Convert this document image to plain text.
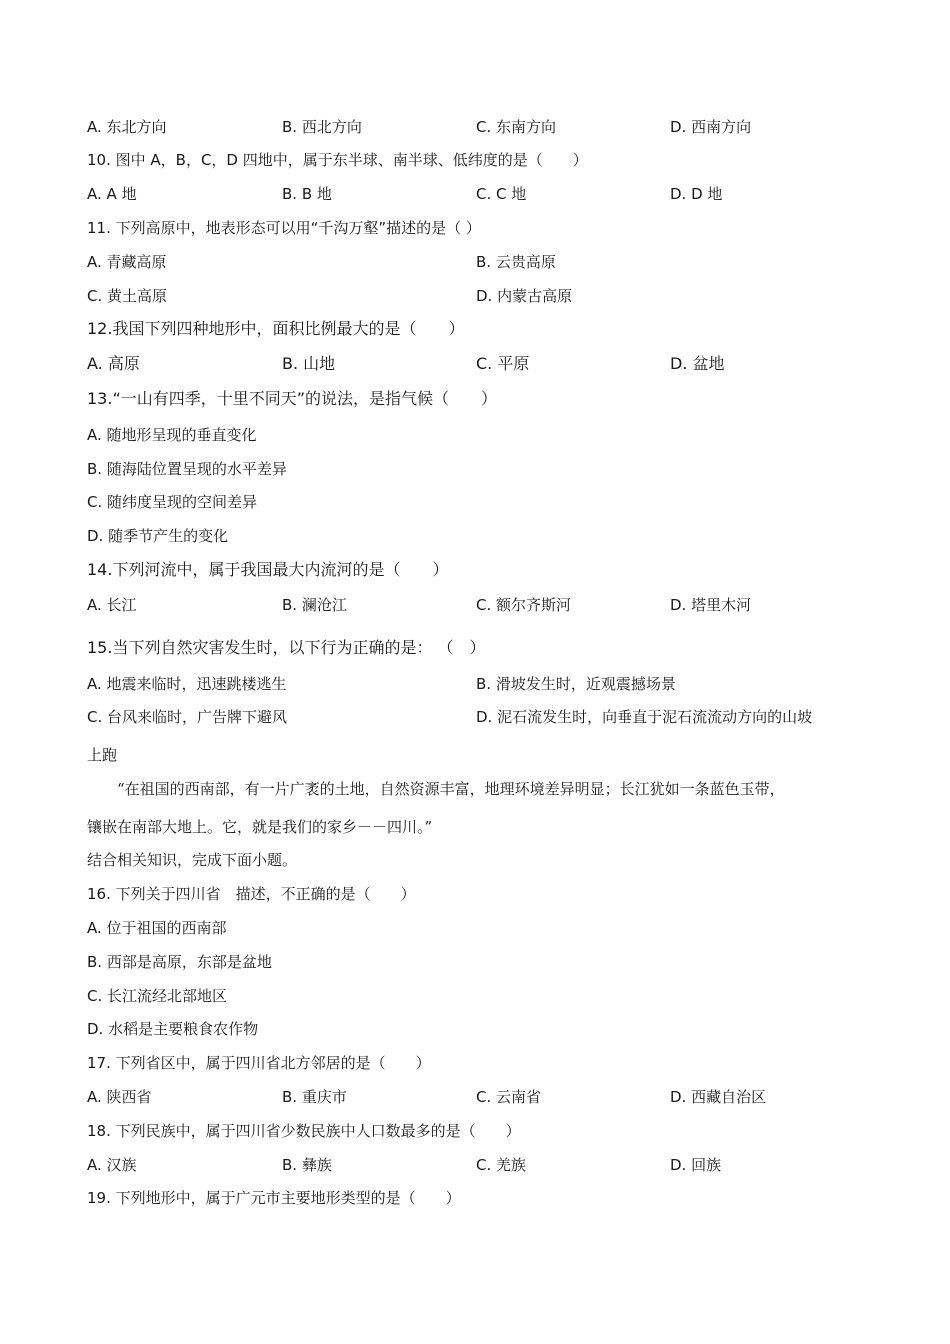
A. 东北方向	B. 西北方向	C. 东南方向	D. 西南方向
10. 图中 A，B，C，D 四地中，属于东半球、南半球、低纬度的是（　　）
A. A 地	B. B 地	C. C 地	D. D 地
11. 下列高原中，地表形态可以用“千沟万壑”描述的是（ ）
A. 青藏高原	B. 云贵高原
C. 黄土高原	D. 内蒙古高原
12.我国下列四种地形中，面积比例最大的是（　　）
A. 高原	B. 山地	C. 平原	D. 盆地
13.“一山有四季，十里不同天”的说法，是指气候（　　）
A. 随地形呈现的垂直变化
B. 随海陆位置呈现的水平差异
C. 随纬度呈现的空间差异
D. 随季节产生的变化
14.下列河流中，属于我国最大内流河的是（　　）
A. 长江	B. 澜沧江	C. 额尔齐斯河	D. 塔里木河
15.当下列自然灾害发生时，以下行为正确的是： （　）
A. 地震来临时，迅速跳楼逃生	B. 滑坡发生时，近观震撼场景
C. 台风来临时，广告牌下避风	D. 泥石流发生时，向垂直于泥石流流动方向的山坡
上跑
　　“在祖国的西南部，有一片广袤的土地，自然资源丰富，地理环境差异明显；长江犹如一条蓝色玉带，
镶嵌在南部大地上。它，就是我们的家乡－－四川。”
结合相关知识，完成下面小题。
16. 下列关于四川省　描述，不正确的是（　　）
A. 位于祖国的西南部
B. 西部是高原，东部是盆地
C. 长江流经北部地区
D. 水稻是主要粮食农作物
17. 下列省区中，属于四川省北方邻居的是（　　）
A. 陕西省	B. 重庆市	C. 云南省	D. 西藏自治区
18. 下列民族中，属于四川省少数民族中人口数最多的是（　　）
A. 汉族	B. 彝族	C. 羌族	D. 回族
19. 下列地形中，属于广元市主要地形类型的是（　　）
